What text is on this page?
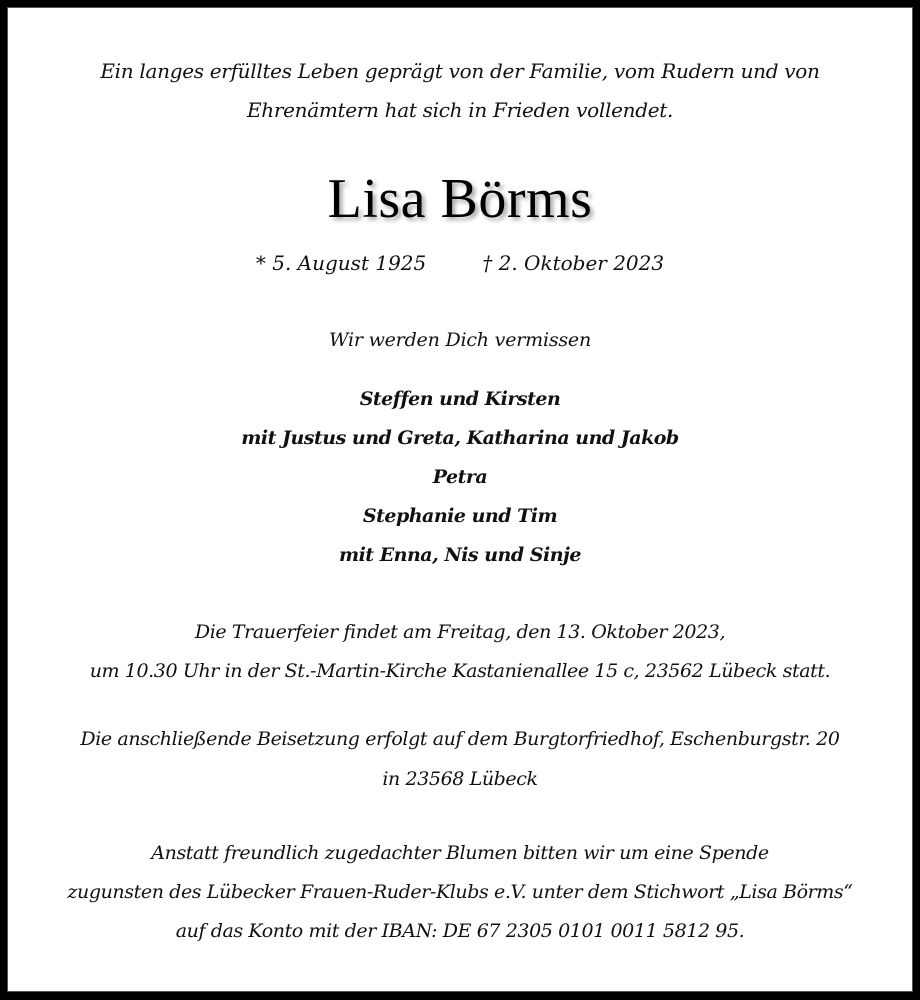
Ein langes erfülltes Leben geprägt von der Familie, vom Rudern und von
Ehrenämtern hat sich in Frieden vollendet.
Lisa Börms
* 5. August 1925	† 2. Oktober 2023
Wir werden Dich vermissen
Steffen und Kirsten
mit Justus und Greta, Katharina und Jakob
Petra
Stephanie und Tim
mit Enna, Nis und Sinje
Die Trauerfeier findet am Freitag, den 13. Oktober 2023,
um 10.30 Uhr in der St.-Martin-Kirche Kastanienallee 15 c, 23562 Lübeck statt.
Die anschließende Beisetzung erfolgt auf dem Burgtorfriedhof, Eschenburgstr. 20
in 23568 Lübeck
Anstatt freundlich zugedachter Blumen bitten wir um eine Spende
zugunsten des Lübecker Frauen-Ruder-Klubs e.V. unter dem Stichwort „Lisa Börms“
auf das Konto mit der IBAN: DE 67 2305 0101 0011 5812 95.
